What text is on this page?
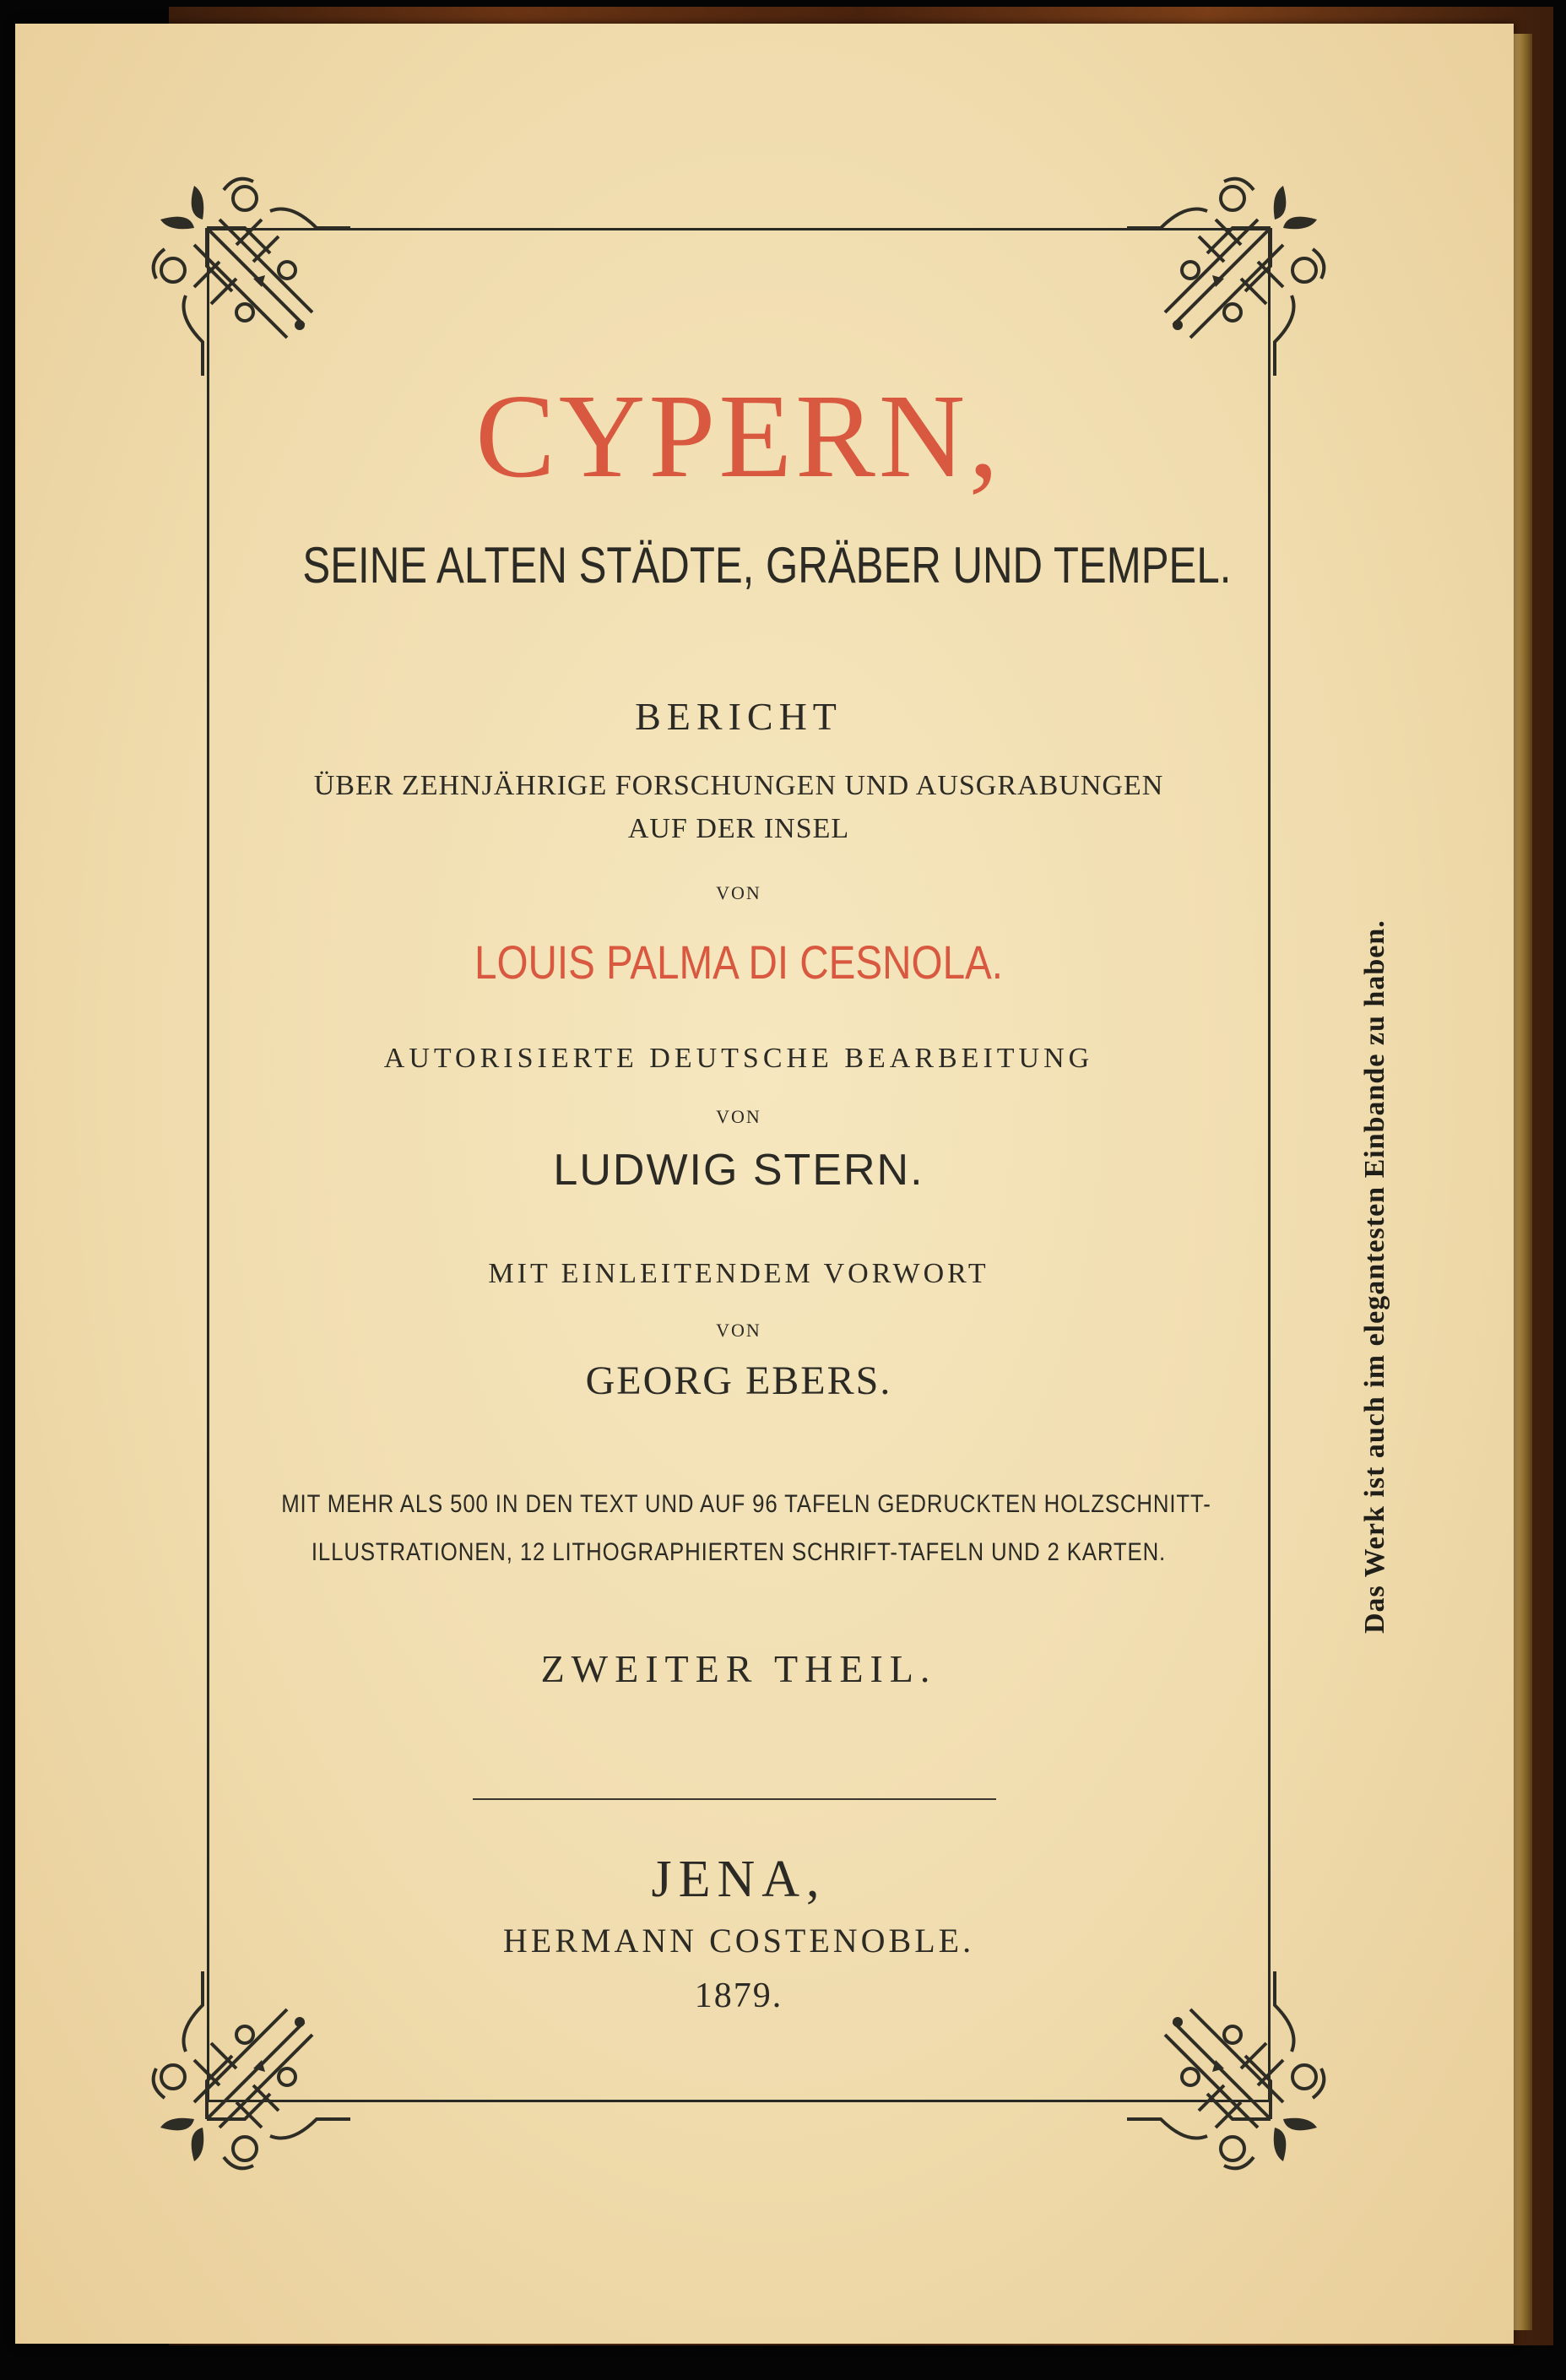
CYPERN,
SEINE ALTEN STÄDTE, GRÄBER UND TEMPEL.
BERICHT
ÜBER ZEHNJÄHRIGE FORSCHUNGEN UND AUSGRABUNGEN
AUF DER INSEL
VON
LOUIS PALMA DI CESNOLA.
AUTORISIERTE DEUTSCHE BEARBEITUNG
VON
LUDWIG STERN.
MIT EINLEITENDEM VORWORT
VON
GEORG EBERS.
MIT MEHR ALS 500 IN DEN TEXT UND AUF 96 TAFELN GEDRUCKTEN HOLZSCHNITT-
ILLUSTRATIONEN, 12 LITHOGRAPHIERTEN SCHRIFT-TAFELN UND 2 KARTEN.
ZWEITER THEIL.
JENA,
HERMANN COSTENOBLE.
1879.
Das Werk ist auch im elegantesten Einbande zu haben.
